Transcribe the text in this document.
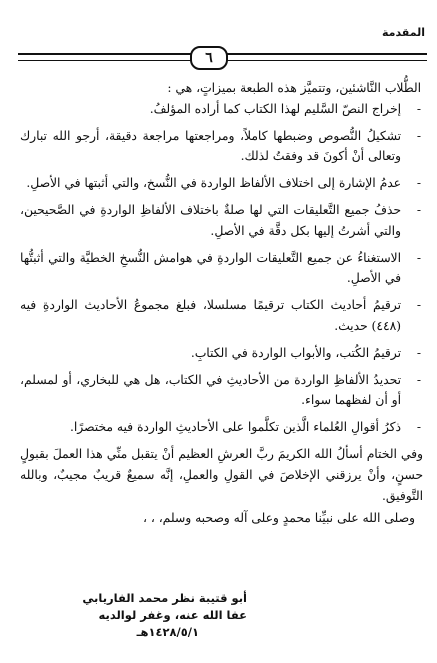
المقدمة
٦

الطُّلاب النَّاشئين، وتتميَّز هذه الطبعة بميزاتٍ، هي :

-
إخراج النصّ السَّليم لهذا الكتاب كما أراده المؤلفُ.
-
تشكيلُ النُّصوص وضبطها كاملاً، ومراجعتها مراجعة دقيقة، أرجو الله تبارك وتعالى أنْ أكونَ قد وفقتُ لذلك.
-
عدمُ الإشارة إلى اختلاف الألفاظ الواردة في النُّسخ، والتي أثبتها في الأصلِ.
-
حذفُ جميع التَّعليقات التي لها صلةٌ باختلاف الألفاظِ الواردةِ في الصَّحيحين، والتي أشرتُ إليها بكل دقَّة في الأصلِ.
-
الاستغناءُ عن جميع التَّعليقات الواردةِ في هوامش النُّسخِ الخطيَّة والتي أثبتُّها في الأصلِ.
-
ترقيمُ أحاديث الكتاب ترقيمًا مسلسلا، فبلغ مجموعُ الأحاديث الواردةِ فيه (٤٤٨) حديث.
-
ترقيمُ الكُتب، والأبواب الواردة في الكتابِ.
-
تحديدُ الألفاظِ الواردة من الأحاديثِ في الكتاب، هل هي للبخاري، أو لمسلم، أو أن لفظهما سواء.
-
ذكرُ أقوالِ العُلماء الَّذين تكلَّموا على الأحاديثِ الواردة فيه مختصرًا.

وفي الختام أسألُ الله الكريمَ ربَّ العرشِ العظيم أنْ يتقبل منِّي هذا العملَ بقبولٍ حسنٍ، وأنْ يرزقني الإخلاصَ في القولِ والعملِ، إنَّه سميعٌ قريبٌ مجيبٌ، وبالله التَّوفيق.

وصلى الله على نبيِّنا محمدٍ وعلى آله وصحبه وسلم، ، ،

أبو قتيبة نظر محمد الفاريابي
عفا الله عنه، وغفر لوالديه
١٤٢٨/٥/١هـ
